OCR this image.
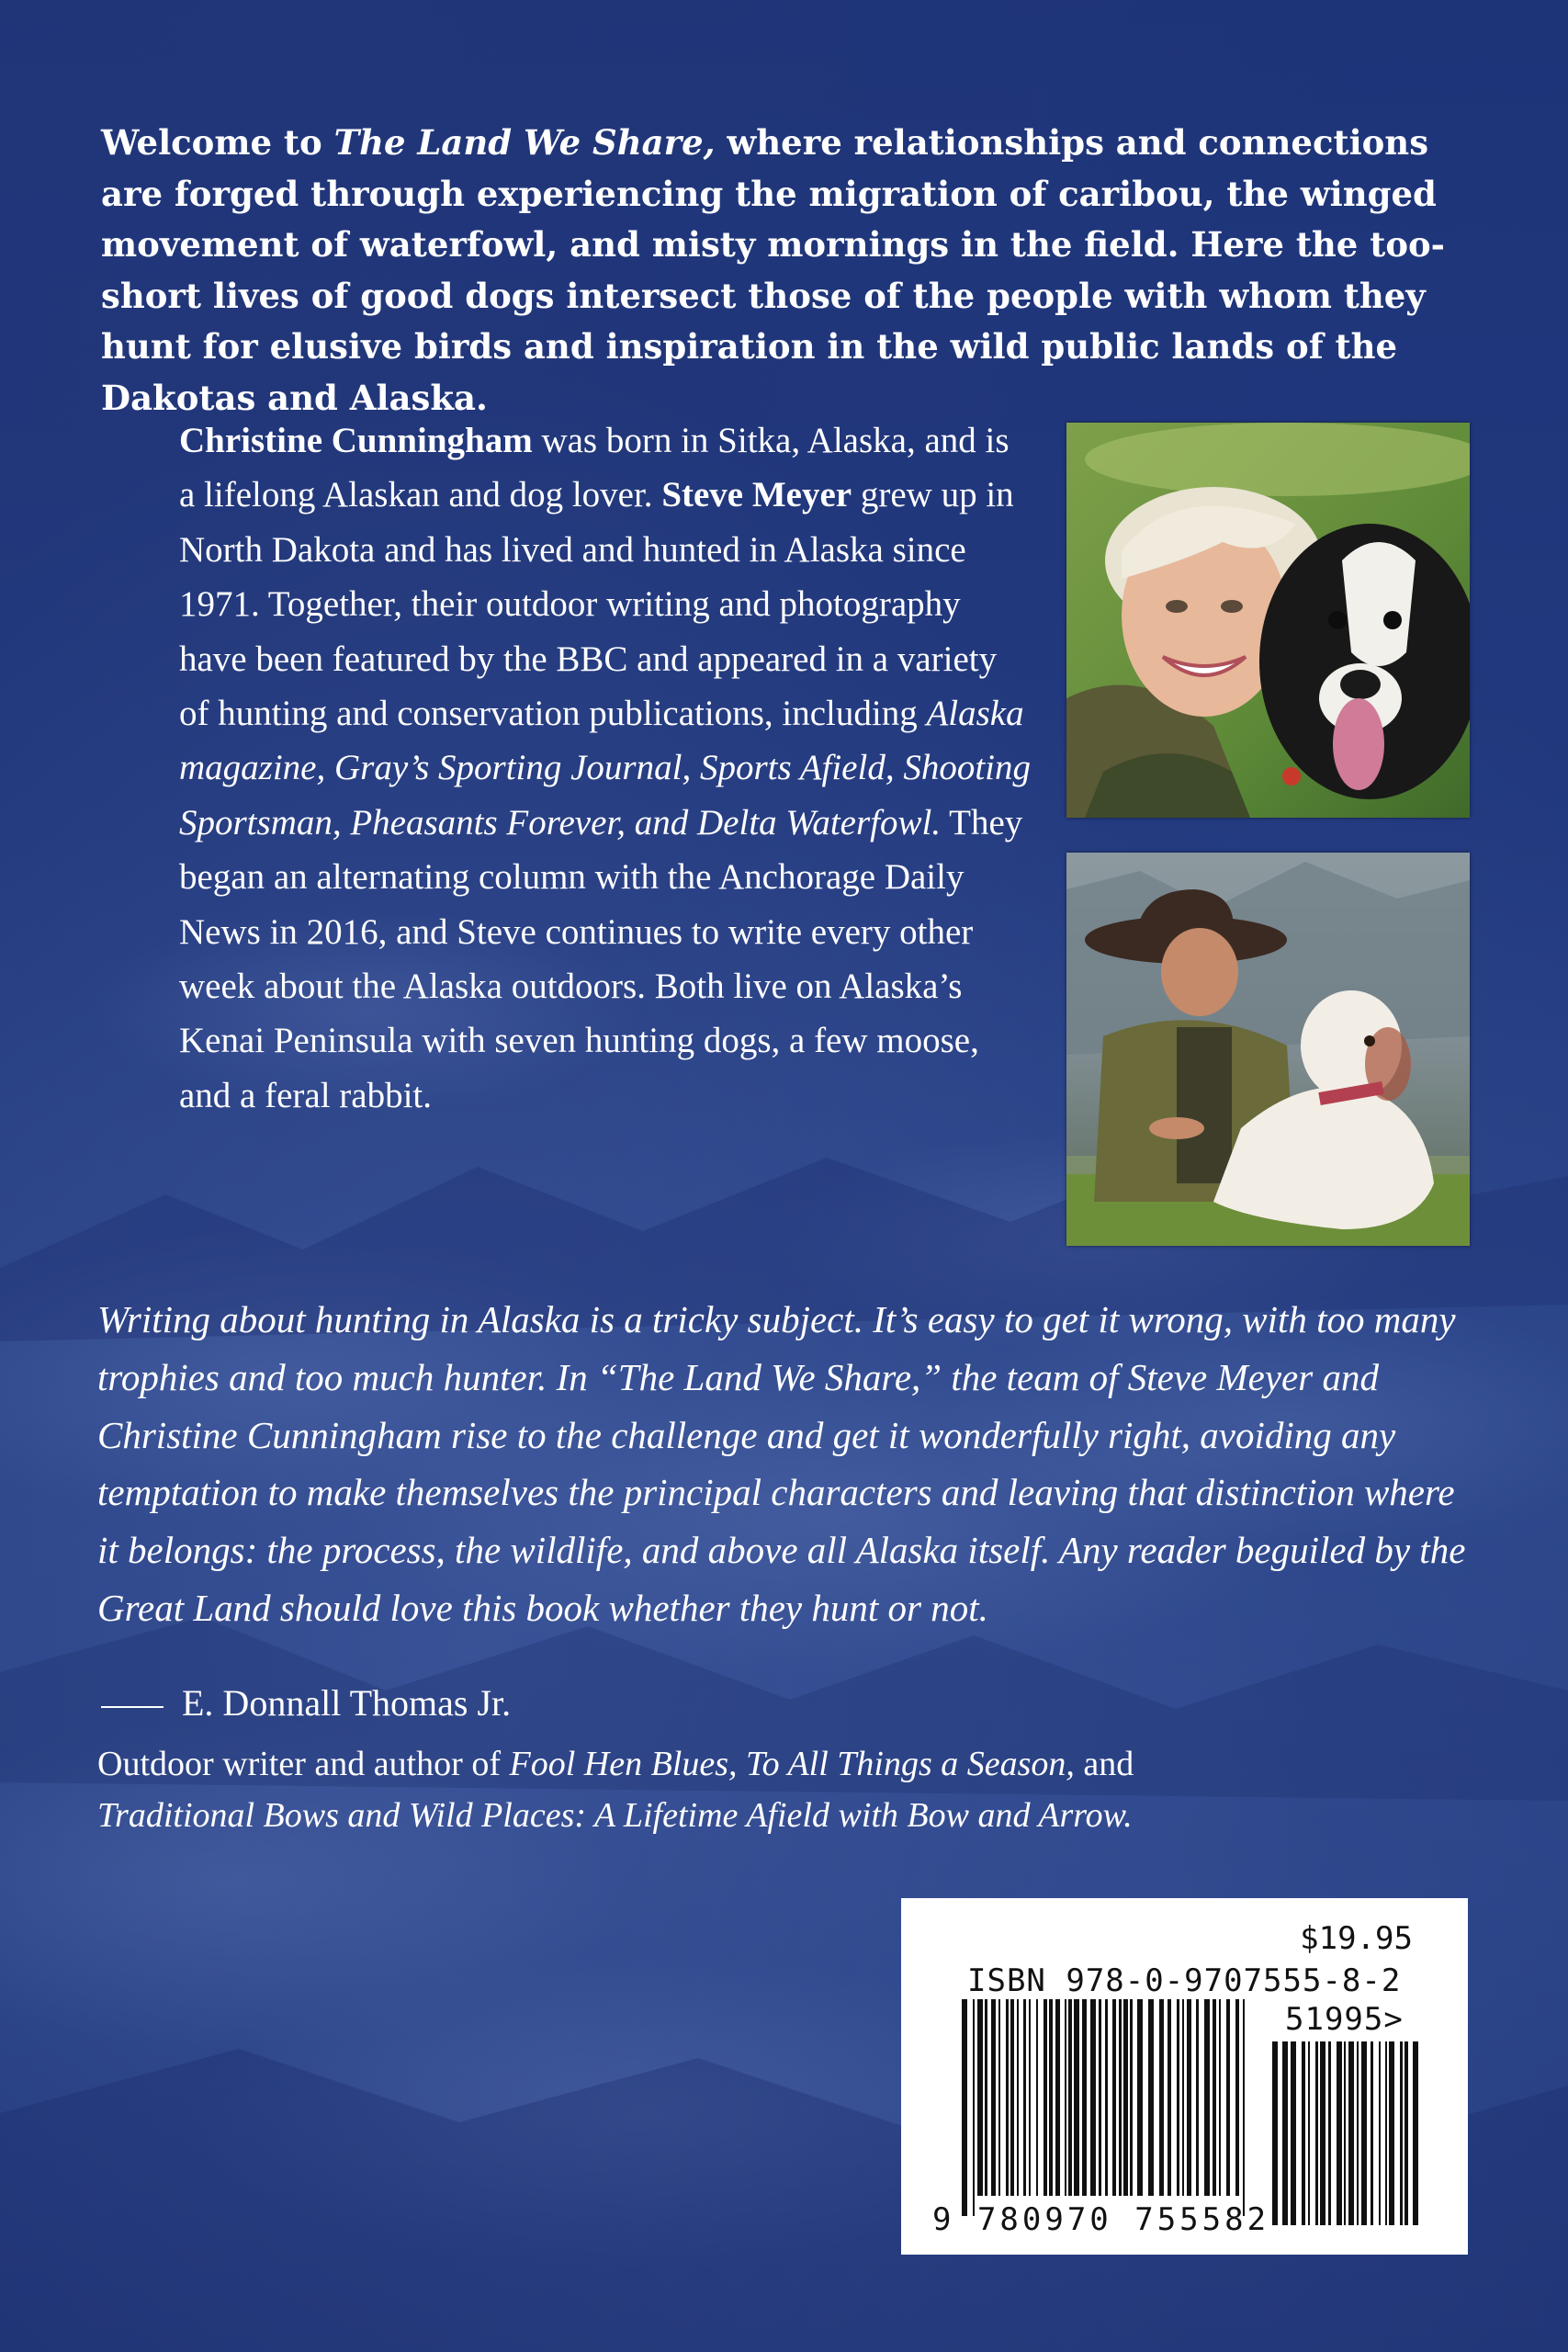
Welcome to The Land We Share, where relationships and connections are forged through experiencing the migration of caribou, the winged movement of waterfowl, and misty mornings in the field. Here the too-short lives of good dogs intersect those of the people with whom they hunt for elusive birds and inspiration in the wild public lands of the Dakotas and Alaska.

Christine Cunningham was born in Sitka, Alaska, and is a lifelong Alaskan and dog lover. Steve Meyer grew up in North Dakota and has lived and hunted in Alaska since 1971. Together, their outdoor writing and photography have been featured by the BBC and appeared in a variety of hunting and conservation publications, including Alaska magazine, Gray’s Sporting Journal, Sports Afield, Shooting Sportsman, Pheasants Forever, and Delta Waterfowl. They began an alternating column with the Anchorage Daily News in 2016, and Steve continues to write every other week about the Alaska outdoors. Both live on Alaska’s Kenai Peninsula with seven hunting dogs, a few moose, and a feral rabbit.

Writing about hunting in Alaska is a tricky subject. It’s easy to get it wrong, with too many trophies and too much hunter. In “The Land We Share,” the team of Steve Meyer and Christine Cunningham rise to the challenge and get it wonderfully right, avoiding any temptation to make themselves the principal characters and leaving that distinction where it belongs: the process, the wildlife, and above all Alaska itself. Any reader beguiled by the Great Land should love this book whether they hunt or not.

E. Donnall Thomas Jr.

Outdoor writer and author of Fool Hen Blues, To All Things a Season, and
Traditional Bows and Wild Places: A Lifetime Afield with Bow and Arrow.

$19.95
ISBN 978-0-9707555-8-2
51995>
9 780970 755582
